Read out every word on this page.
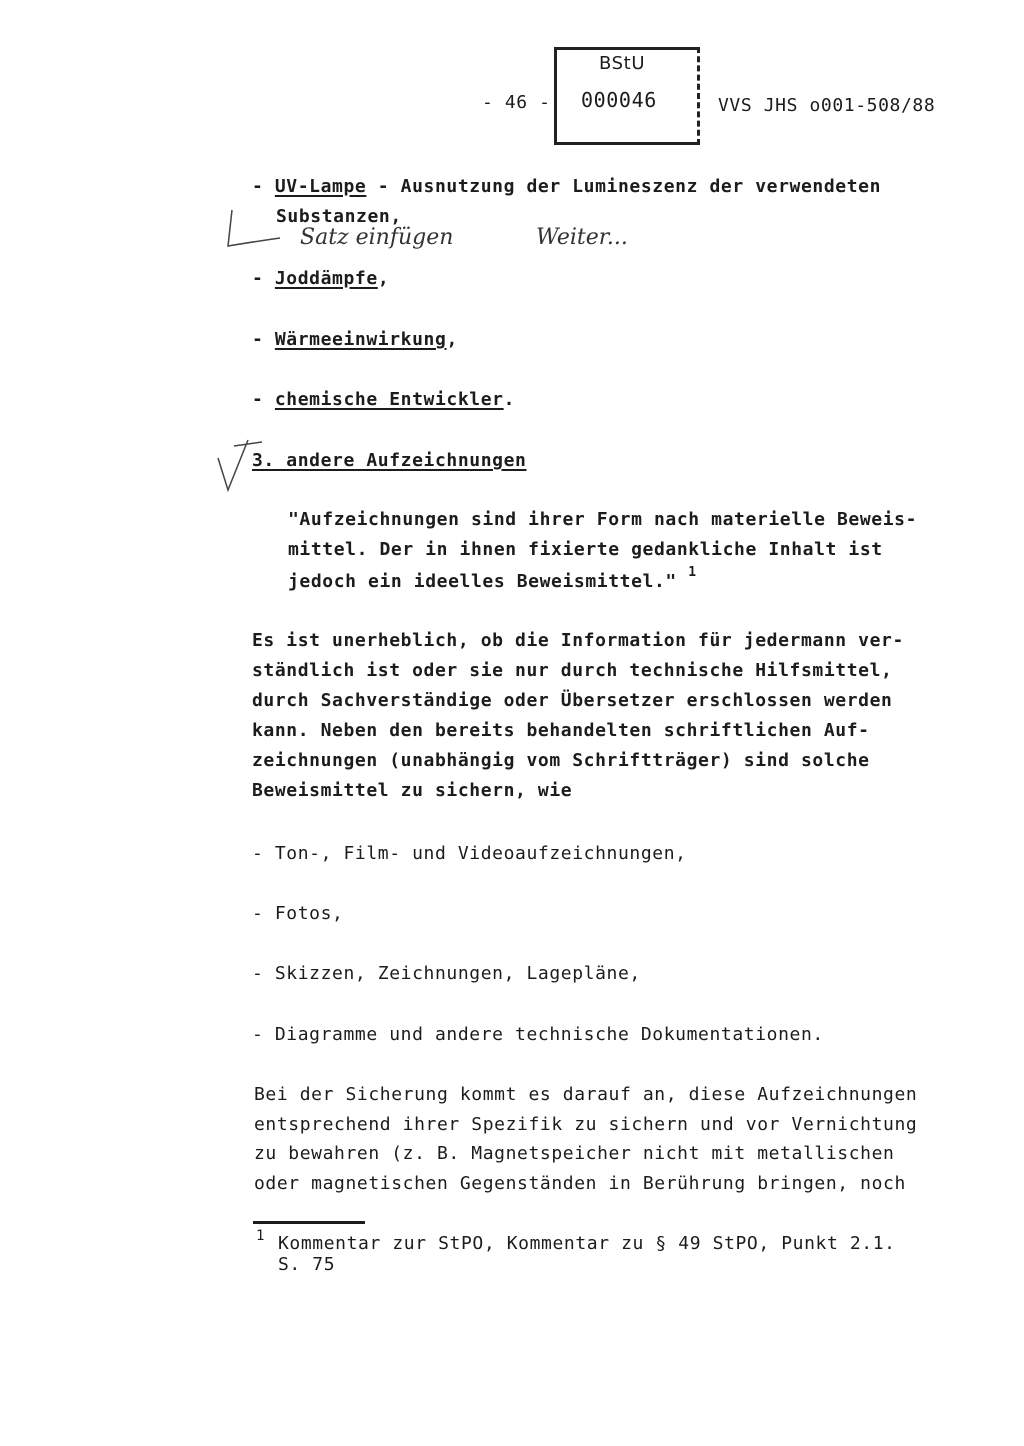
- 46 -
BStU
000046	VVS JHS o001-508/88
- UV-Lampe - Ausnutzung der Lumineszenz der verwendeten
Substanzen,
Satz einfügen	Weiter...
- Joddämpfe,
- Wärmeeinwirkung,
- chemische Entwickler.
3. andere Aufzeichnungen
"Aufzeichnungen sind ihrer Form nach materielle Beweis-
mittel. Der in ihnen fixierte gedankliche Inhalt ist
jedoch ein ideelles Beweismittel." $^1$
Es ist unerheblich, ob die Information für jedermann ver-
ständlich ist oder sie nur durch technische Hilfsmittel,
durch Sachverständige oder Übersetzer erschlossen werden
kann. Neben den bereits behandelten schriftlichen Auf-
zeichnungen (unabhängig vom Schriftträger) sind solche
Beweismittel zu sichern, wie
- Ton-, Film- und Videoaufzeichnungen,
- Fotos,
- Skizzen, Zeichnungen, Lagepläne,
- Diagramme und andere technische Dokumentationen.
Bei der Sicherung kommt es darauf an, diese Aufzeichnungen
entsprechend ihrer Spezifik zu sichern und vor Vernichtung
zu bewahren (z. B. Magnetspeicher nicht mit metallischen
oder magnetischen Gegenständen in Berührung bringen, noch
1 Kommentar zur StPO, Kommentar zu § 49 StPO, Punkt 2.1.
S. 75
